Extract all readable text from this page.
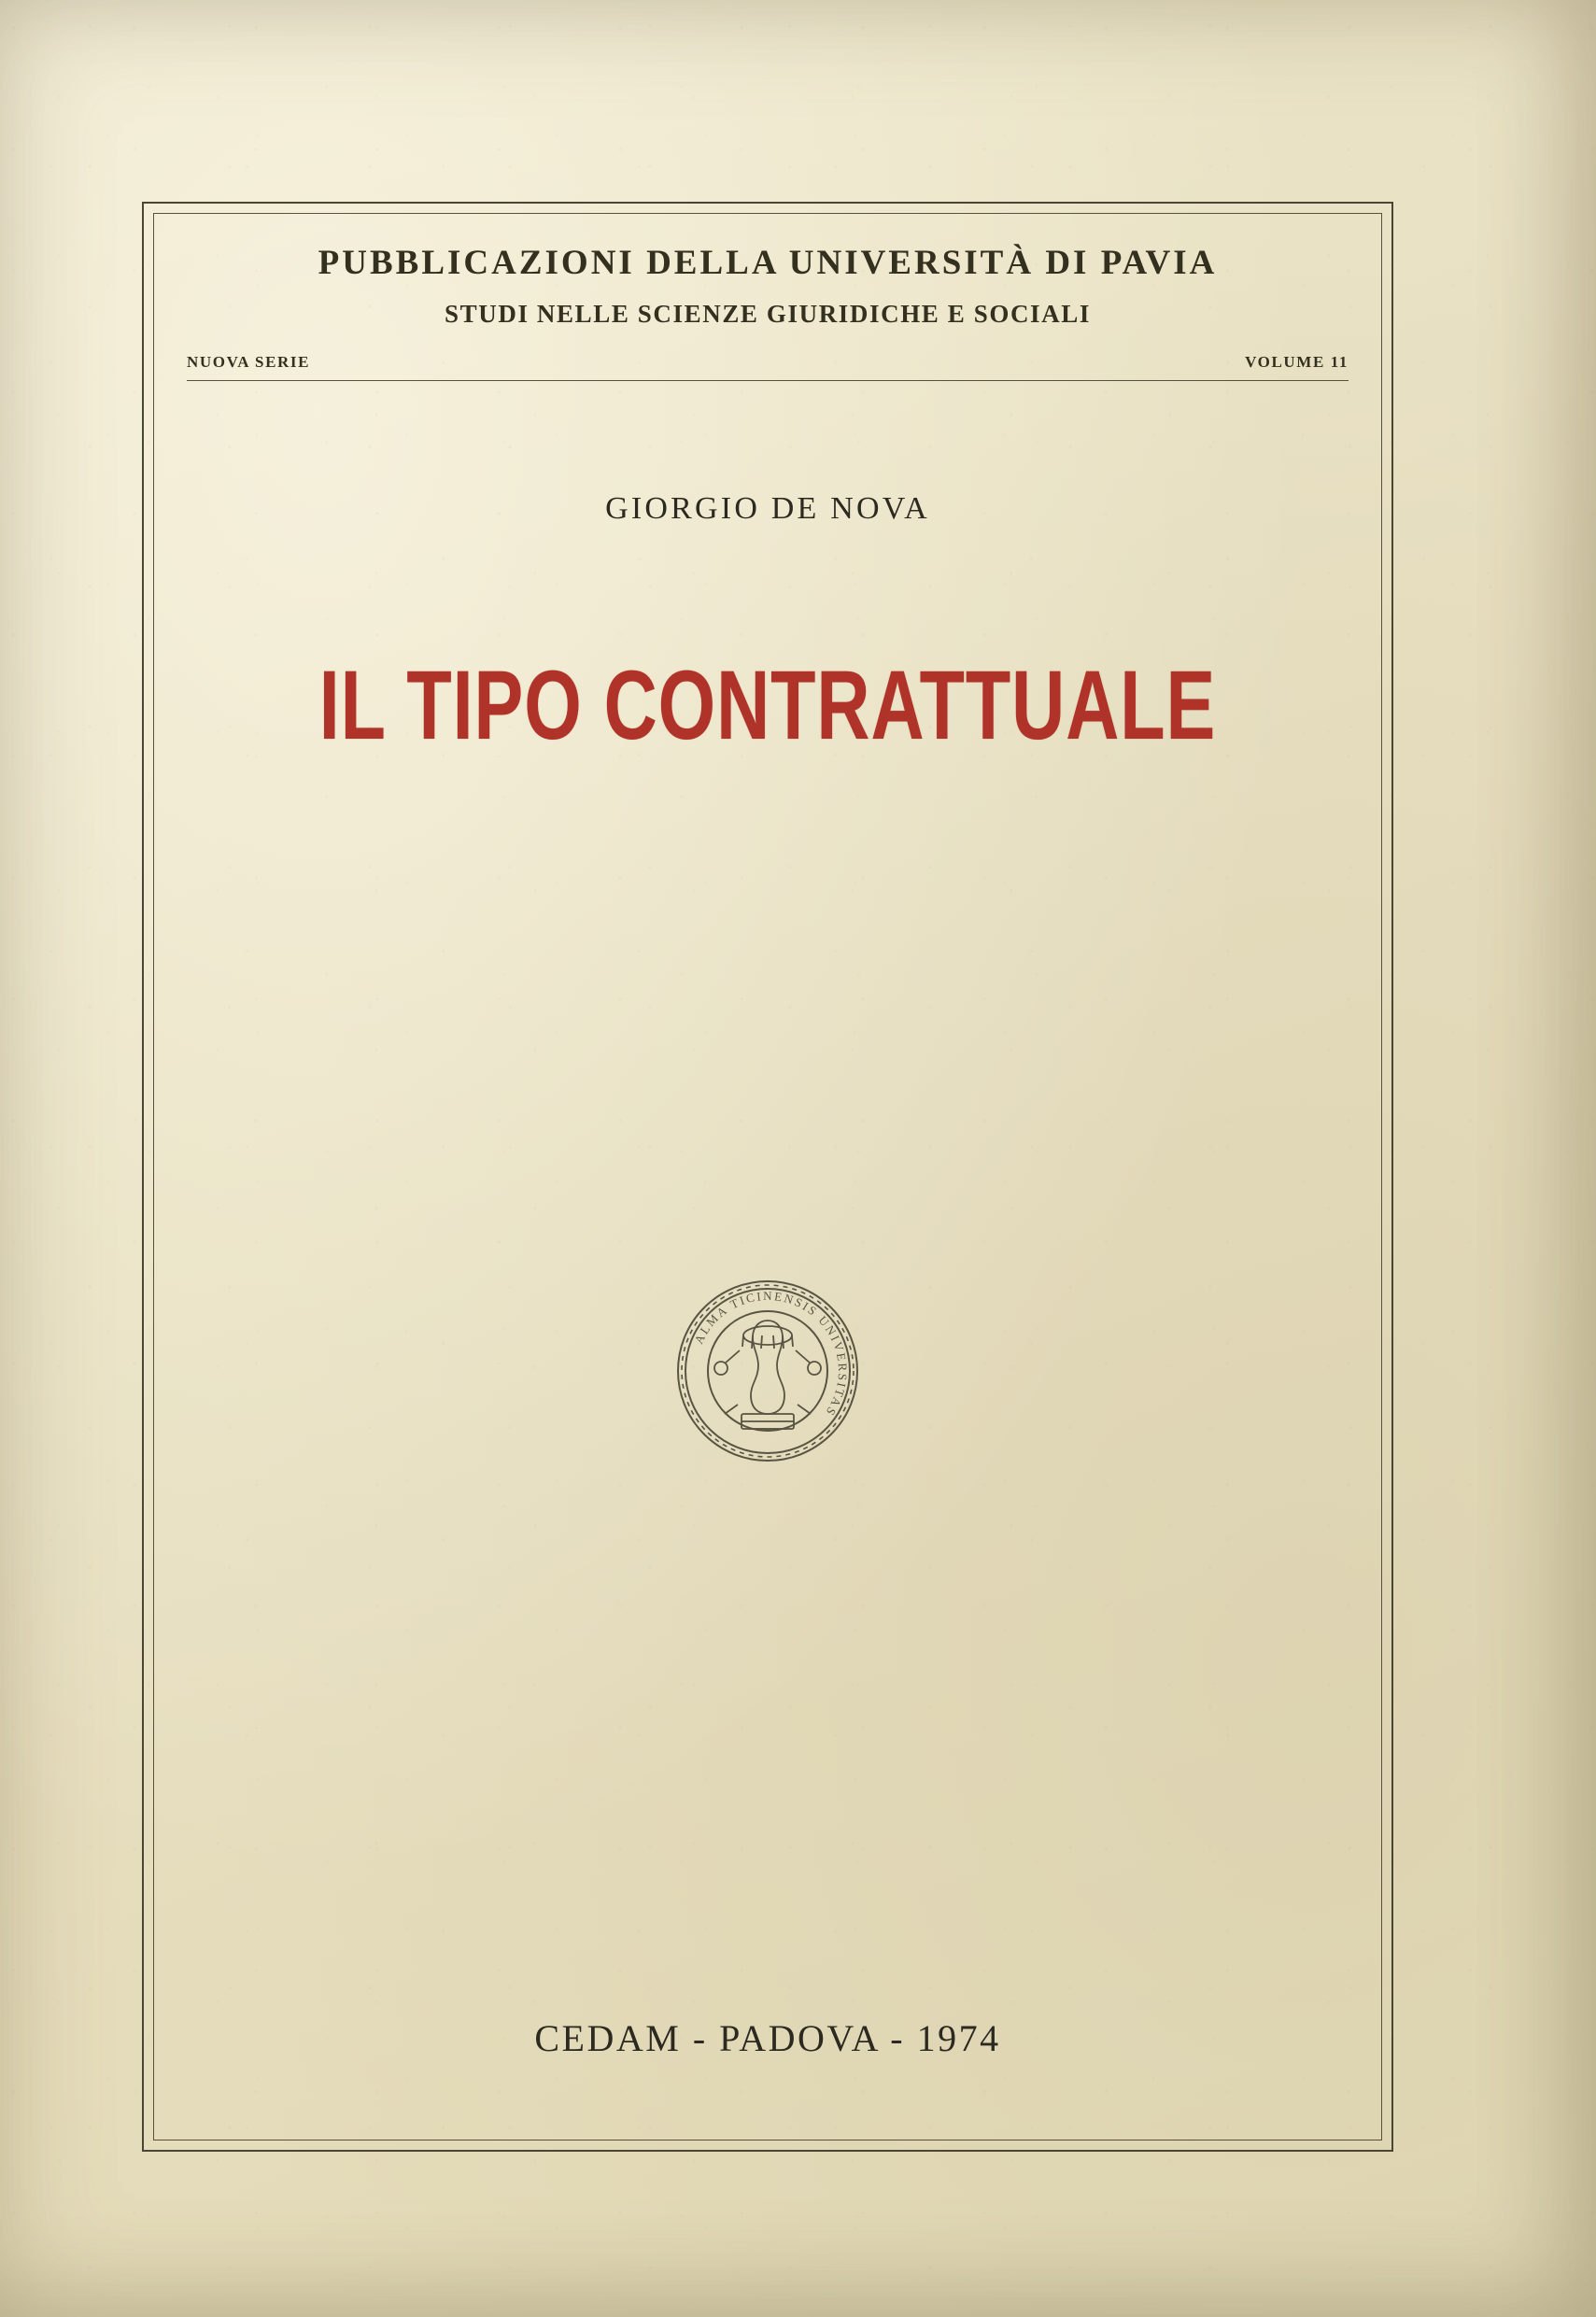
PUBBLICAZIONI DELLA UNIVERSITÀ DI PAVIA
STUDI NELLE SCIENZE GIURIDICHE E SOCIALI
NUOVA SERIE	VOLUME 11
GIORGIO DE NOVA
IL TIPO CONTRATTUALE
ALMA TICINENSIS UNIVERSITAS
CEDAM - PADOVA - 1974
